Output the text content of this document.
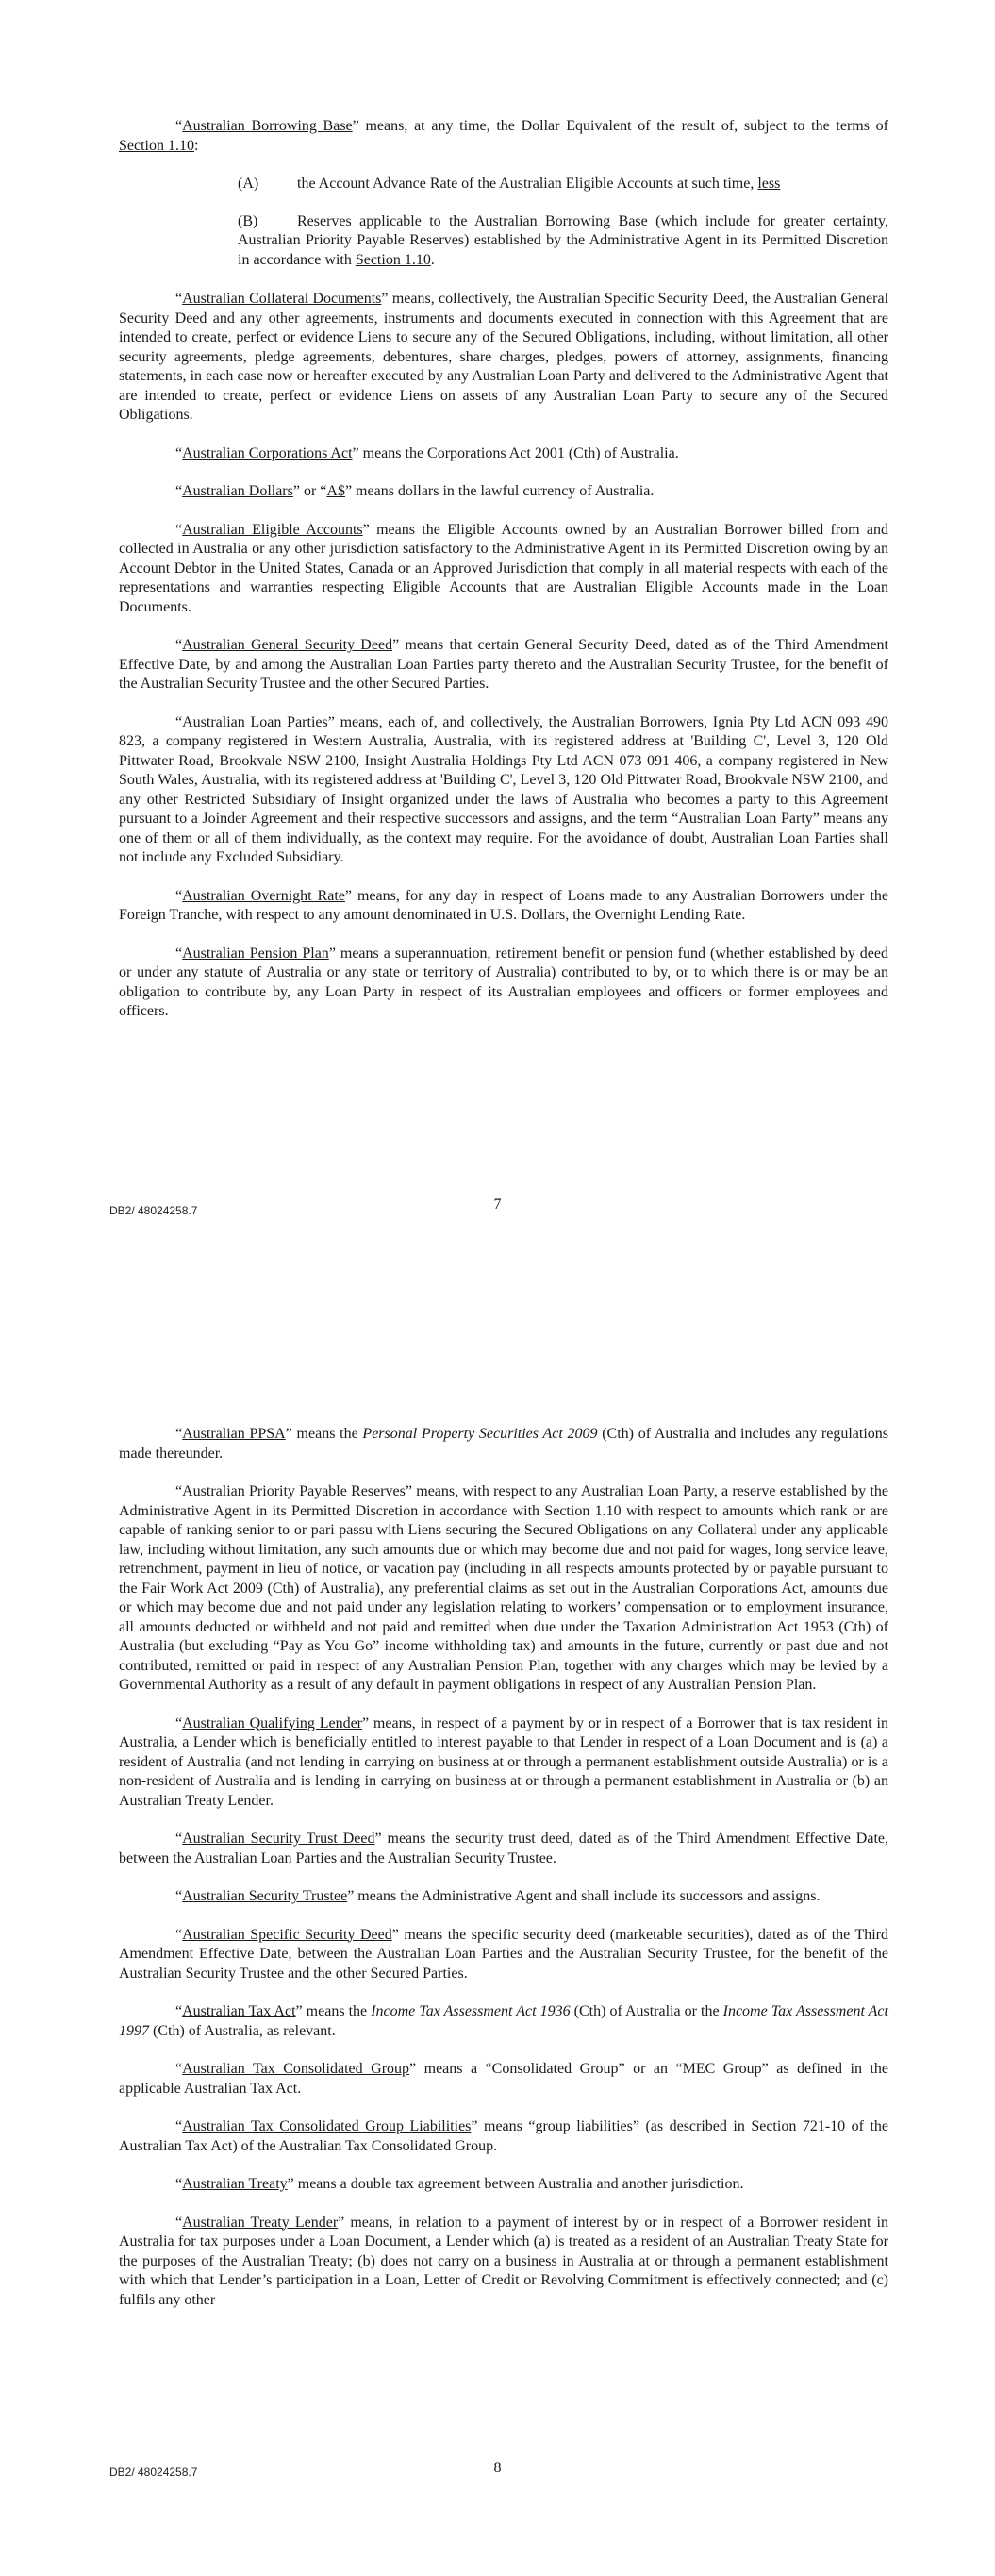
“Australian Borrowing Base” means, at any time, the Dollar Equivalent of the result of, subject to the terms of Section 1.10:

(A)	the Account Advance Rate of the Australian Eligible Accounts at such time, less

(B)	Reserves applicable to the Australian Borrowing Base (which include for greater certainty, Australian Priority Payable Reserves) established by the Administrative Agent in its Permitted Discretion in accordance with Section 1.10.

“Australian Collateral Documents” means, collectively, the Australian Specific Security Deed, the Australian General Security Deed and any other agreements, instruments and documents executed in connection with this Agreement that are intended to create, perfect or evidence Liens to secure any of the Secured Obligations, including, without limitation, all other security agreements, pledge agreements, debentures, share charges, pledges, powers of attorney, assignments, financing statements, in each case now or hereafter executed by any Australian Loan Party and delivered to the Administrative Agent that are intended to create, perfect or evidence Liens on assets of any Australian Loan Party to secure any of the Secured Obligations.

“Australian Corporations Act” means the Corporations Act 2001 (Cth) of Australia.

“Australian Dollars” or “A$” means dollars in the lawful currency of Australia.

“Australian Eligible Accounts” means the Eligible Accounts owned by an Australian Borrower billed from and collected in Australia or any other jurisdiction satisfactory to the Administrative Agent in its Permitted Discretion owing by an Account Debtor in the United States, Canada or an Approved Jurisdiction that comply in all material respects with each of the representations and warranties respecting Eligible Accounts that are Australian Eligible Accounts made in the Loan Documents.

“Australian General Security Deed” means that certain General Security Deed, dated as of the Third Amendment Effective Date, by and among the Australian Loan Parties party thereto and the Australian Security Trustee, for the benefit of the Australian Security Trustee and the other Secured Parties.

“Australian Loan Parties” means, each of, and collectively, the Australian Borrowers, Ignia Pty Ltd ACN 093 490 823, a company registered in Western Australia, Australia, with its registered address at 'Building C', Level 3, 120 Old Pittwater Road, Brookvale NSW 2100, Insight Australia Holdings Pty Ltd ACN 073 091 406, a company registered in New South Wales, Australia, with its registered address at 'Building C', Level 3, 120 Old Pittwater Road, Brookvale NSW 2100, and any other Restricted Subsidiary of Insight organized under the laws of Australia who becomes a party to this Agreement pursuant to a Joinder Agreement and their respective successors and assigns, and the term “Australian Loan Party” means any one of them or all of them individually, as the context may require. For the avoidance of doubt, Australian Loan Parties shall not include any Excluded Subsidiary.

“Australian Overnight Rate” means, for any day in respect of Loans made to any Australian Borrowers under the Foreign Tranche, with respect to any amount denominated in U.S. Dollars, the Overnight Lending Rate.

“Australian Pension Plan” means a superannuation, retirement benefit or pension fund (whether established by deed or under any statute of Australia or any state or territory of Australia) contributed to by, or to which there is or may be an obligation to contribute by, any Loan Party in respect of its Australian employees and officers or former employees and officers.

DB2/ 48024258.7	7

“Australian PPSA” means the Personal Property Securities Act 2009 (Cth) of Australia and includes any regulations made thereunder.

“Australian Priority Payable Reserves” means, with respect to any Australian Loan Party, a reserve established by the Administrative Agent in its Permitted Discretion in accordance with Section 1.10 with respect to amounts which rank or are capable of ranking senior to or pari passu with Liens securing the Secured Obligations on any Collateral under any applicable law, including without limitation, any such amounts due or which may become due and not paid for wages, long service leave, retrenchment, payment in lieu of notice, or vacation pay (including in all respects amounts protected by or payable pursuant to the Fair Work Act 2009 (Cth) of Australia), any preferential claims as set out in the Australian Corporations Act, amounts due or which may become due and not paid under any legislation relating to workers’ compensation or to employment insurance, all amounts deducted or withheld and not paid and remitted when due under the Taxation Administration Act 1953 (Cth) of Australia (but excluding “Pay as You Go” income withholding tax) and amounts in the future, currently or past due and not contributed, remitted or paid in respect of any Australian Pension Plan, together with any charges which may be levied by a Governmental Authority as a result of any default in payment obligations in respect of any Australian Pension Plan.

“Australian Qualifying Lender” means, in respect of a payment by or in respect of a Borrower that is tax resident in Australia, a Lender which is beneficially entitled to interest payable to that Lender in respect of a Loan Document and is (a) a resident of Australia (and not lending in carrying on business at or through a permanent establishment outside Australia) or is a non-resident of Australia and is lending in carrying on business at or through a permanent establishment in Australia or (b) an Australian Treaty Lender.

“Australian Security Trust Deed” means the security trust deed, dated as of the Third Amendment Effective Date, between the Australian Loan Parties and the Australian Security Trustee.

“Australian Security Trustee” means the Administrative Agent and shall include its successors and assigns.

“Australian Specific Security Deed” means the specific security deed (marketable securities), dated as of the Third Amendment Effective Date, between the Australian Loan Parties and the Australian Security Trustee, for the benefit of the Australian Security Trustee and the other Secured Parties.

“Australian Tax Act” means the Income Tax Assessment Act 1936 (Cth) of Australia or the Income Tax Assessment Act 1997 (Cth) of Australia, as relevant.

“Australian Tax Consolidated Group” means a “Consolidated Group” or an “MEC Group” as defined in the applicable Australian Tax Act.

“Australian Tax Consolidated Group Liabilities” means “group liabilities” (as described in Section 721-10 of the Australian Tax Act) of the Australian Tax Consolidated Group.

“Australian Treaty” means a double tax agreement between Australia and another jurisdiction.

“Australian Treaty Lender” means, in relation to a payment of interest by or in respect of a Borrower resident in Australia for tax purposes under a Loan Document, a Lender which (a) is treated as a resident of an Australian Treaty State for the purposes of the Australian Treaty; (b) does not carry on a business in Australia at or through a permanent establishment with which that Lender’s participation in a Loan, Letter of Credit or Revolving Commitment is effectively connected; and (c) fulfils any other

DB2/ 48024258.7	8
